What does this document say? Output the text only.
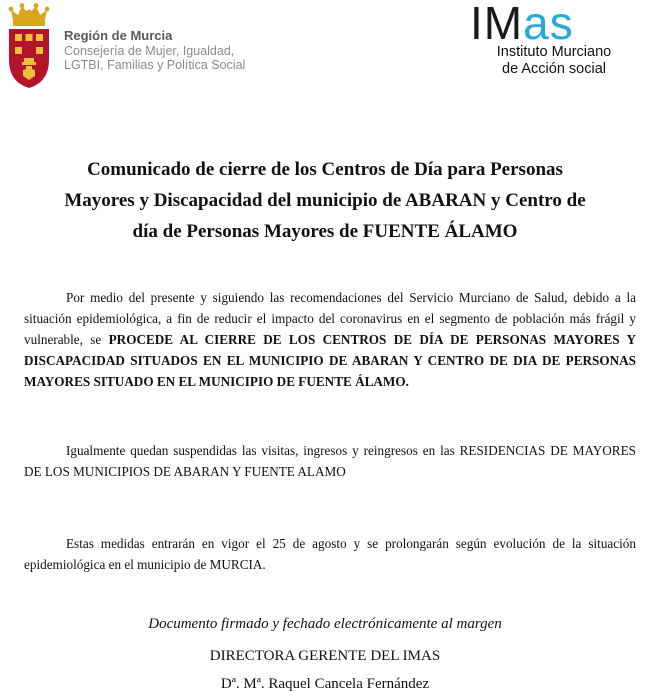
Región de Murcia
Consejería de Mujer, Igualdad,
LGTBI, Familias y Política Social
IMas
Instituto Murciano
de Acción social
Comunicado de cierre de los Centros de Día para Personas
Mayores y Discapacidad del municipio de ABARAN y Centro de
día de Personas Mayores de FUENTE ÁLAMO
Por medio del presente y siguiendo las recomendaciones del Servicio Murciano de Salud, debido a la situación epidemiológica, a fin de reducir el impacto del coronavirus en el segmento de población más frágil y vulnerable, se PROCEDE AL CIERRE DE LOS CENTROS DE DÍA DE PERSONAS MAYORES Y DISCAPACIDAD SITUADOS EN EL MUNICIPIO DE ABARAN Y CENTRO DE DIA DE PERSONAS MAYORES SITUADO EN EL MUNICIPIO DE FUENTE ÁLAMO.
Igualmente quedan suspendidas las visitas, ingresos y reingresos en las RESIDENCIAS DE MAYORES DE LOS MUNICIPIOS DE ABARAN Y FUENTE ALAMO
Estas medidas entrarán en vigor el 25 de agosto y se prolongarán según evolución de la situación epidemiológica en el municipio de MURCIA.
Documento firmado y fechado electrónicamente al margen
DIRECTORA GERENTE DEL IMAS
Dª. Mª. Raquel Cancela Fernández
